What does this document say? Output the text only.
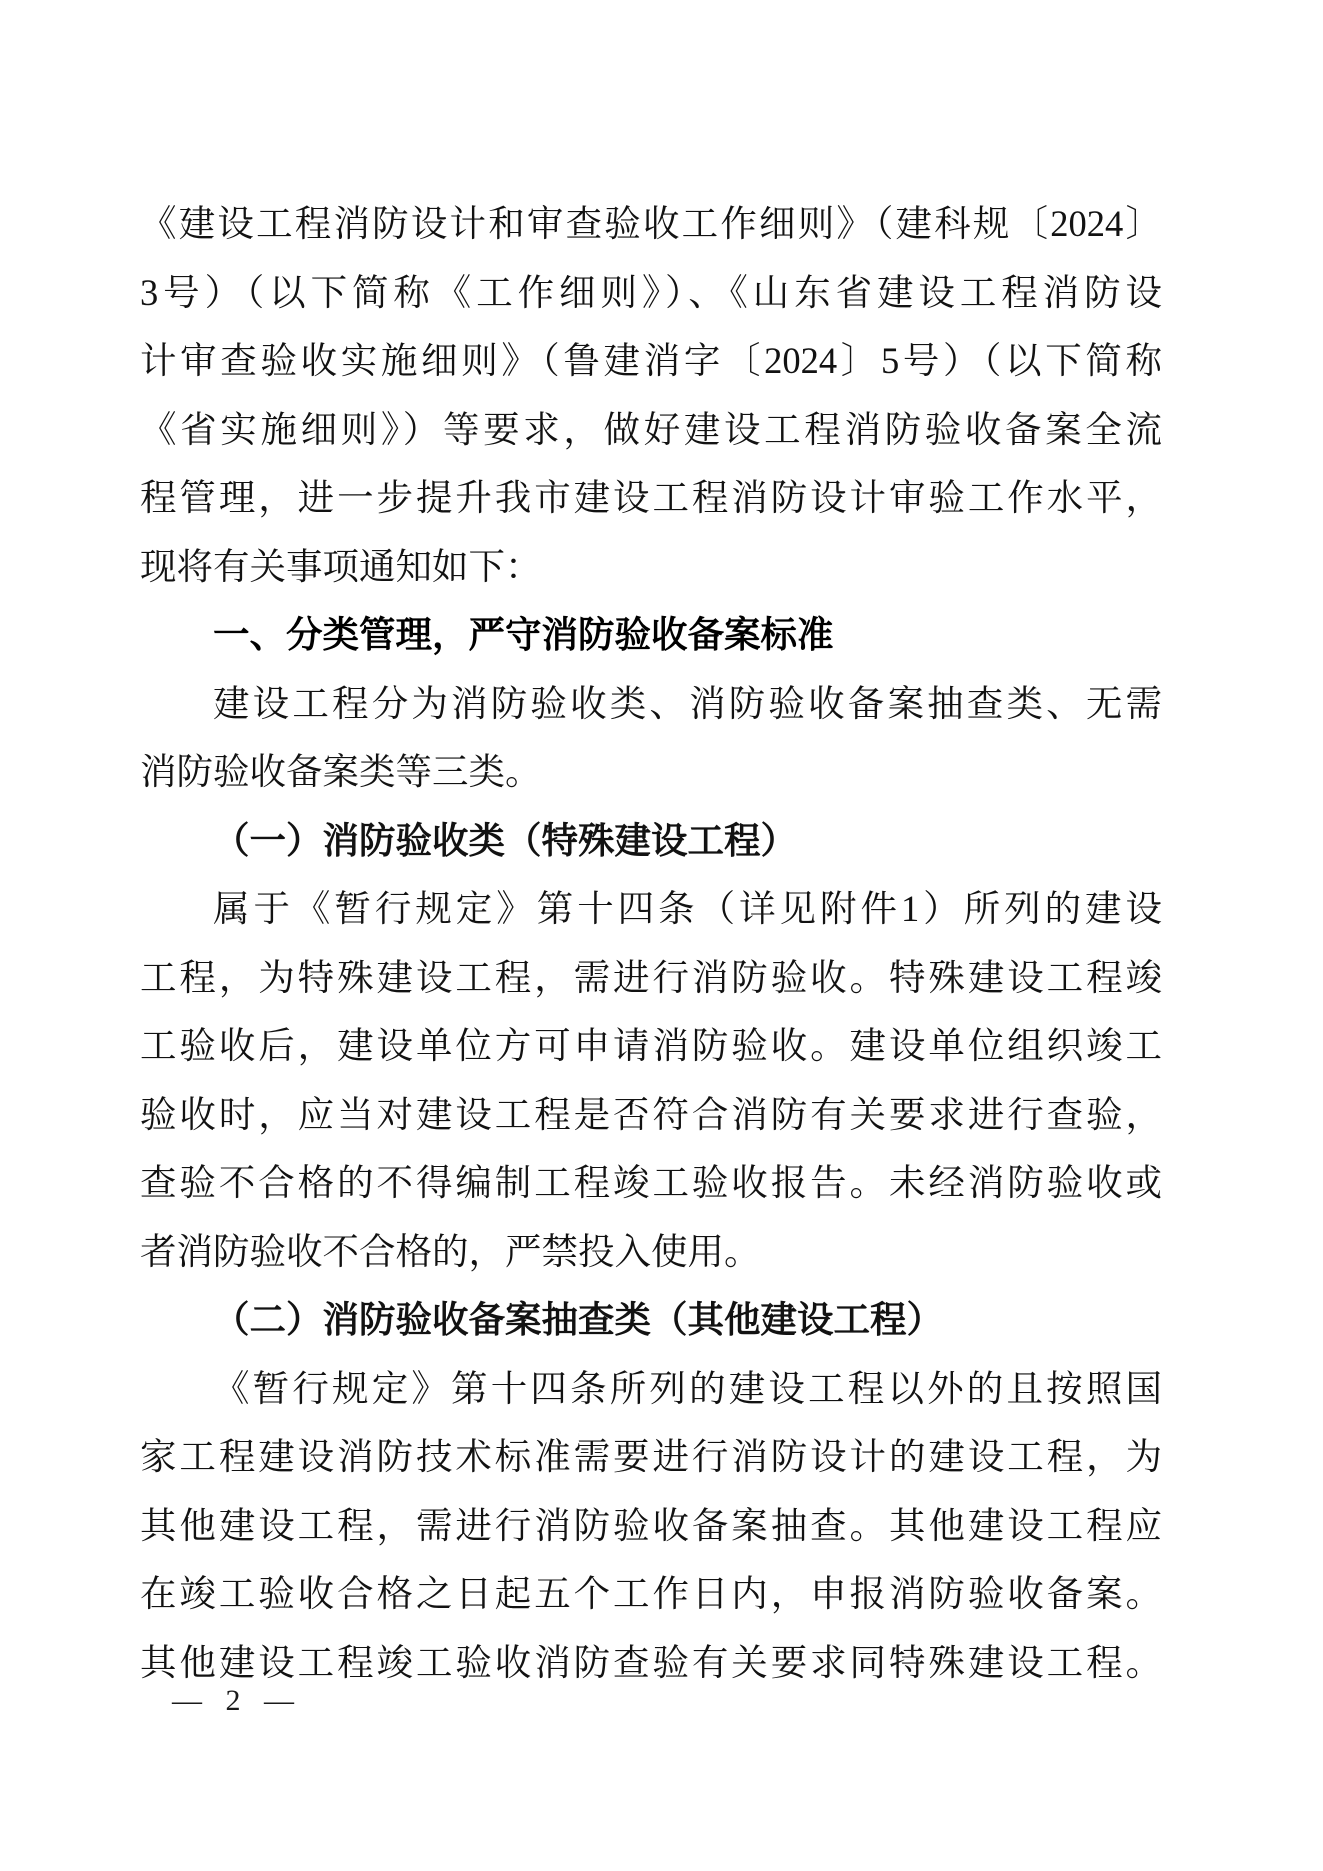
《建设工程消防设计和审查验收工作细则》（建科规〔2024〕
3号）（以下简称《工作细则》）、《山东省建设工程消防设
计审查验收实施细则》（鲁建消字〔2024〕5号）（以下简称
《省实施细则》）等要求，做好建设工程消防验收备案全流
程管理，进一步提升我市建设工程消防设计审验工作水平，
现将有关事项通知如下：
一、分类管理，严守消防验收备案标准
建设工程分为消防验收类、消防验收备案抽查类、无需
消防验收备案类等三类。
（一）消防验收类（特殊建设工程）
属于《暂行规定》第十四条（详见附件1）所列的建设
工程，为特殊建设工程，需进行消防验收。特殊建设工程竣
工验收后，建设单位方可申请消防验收。建设单位组织竣工
验收时，应当对建设工程是否符合消防有关要求进行查验，
查验不合格的不得编制工程竣工验收报告。未经消防验收或
者消防验收不合格的，严禁投入使用。
（二）消防验收备案抽查类（其他建设工程）
《暂行规定》第十四条所列的建设工程以外的且按照国
家工程建设消防技术标准需要进行消防设计的建设工程，为
其他建设工程，需进行消防验收备案抽查。其他建设工程应
在竣工验收合格之日起五个工作日内，申报消防验收备案。
其他建设工程竣工验收消防查验有关要求同特殊建设工程。
— 2 —
